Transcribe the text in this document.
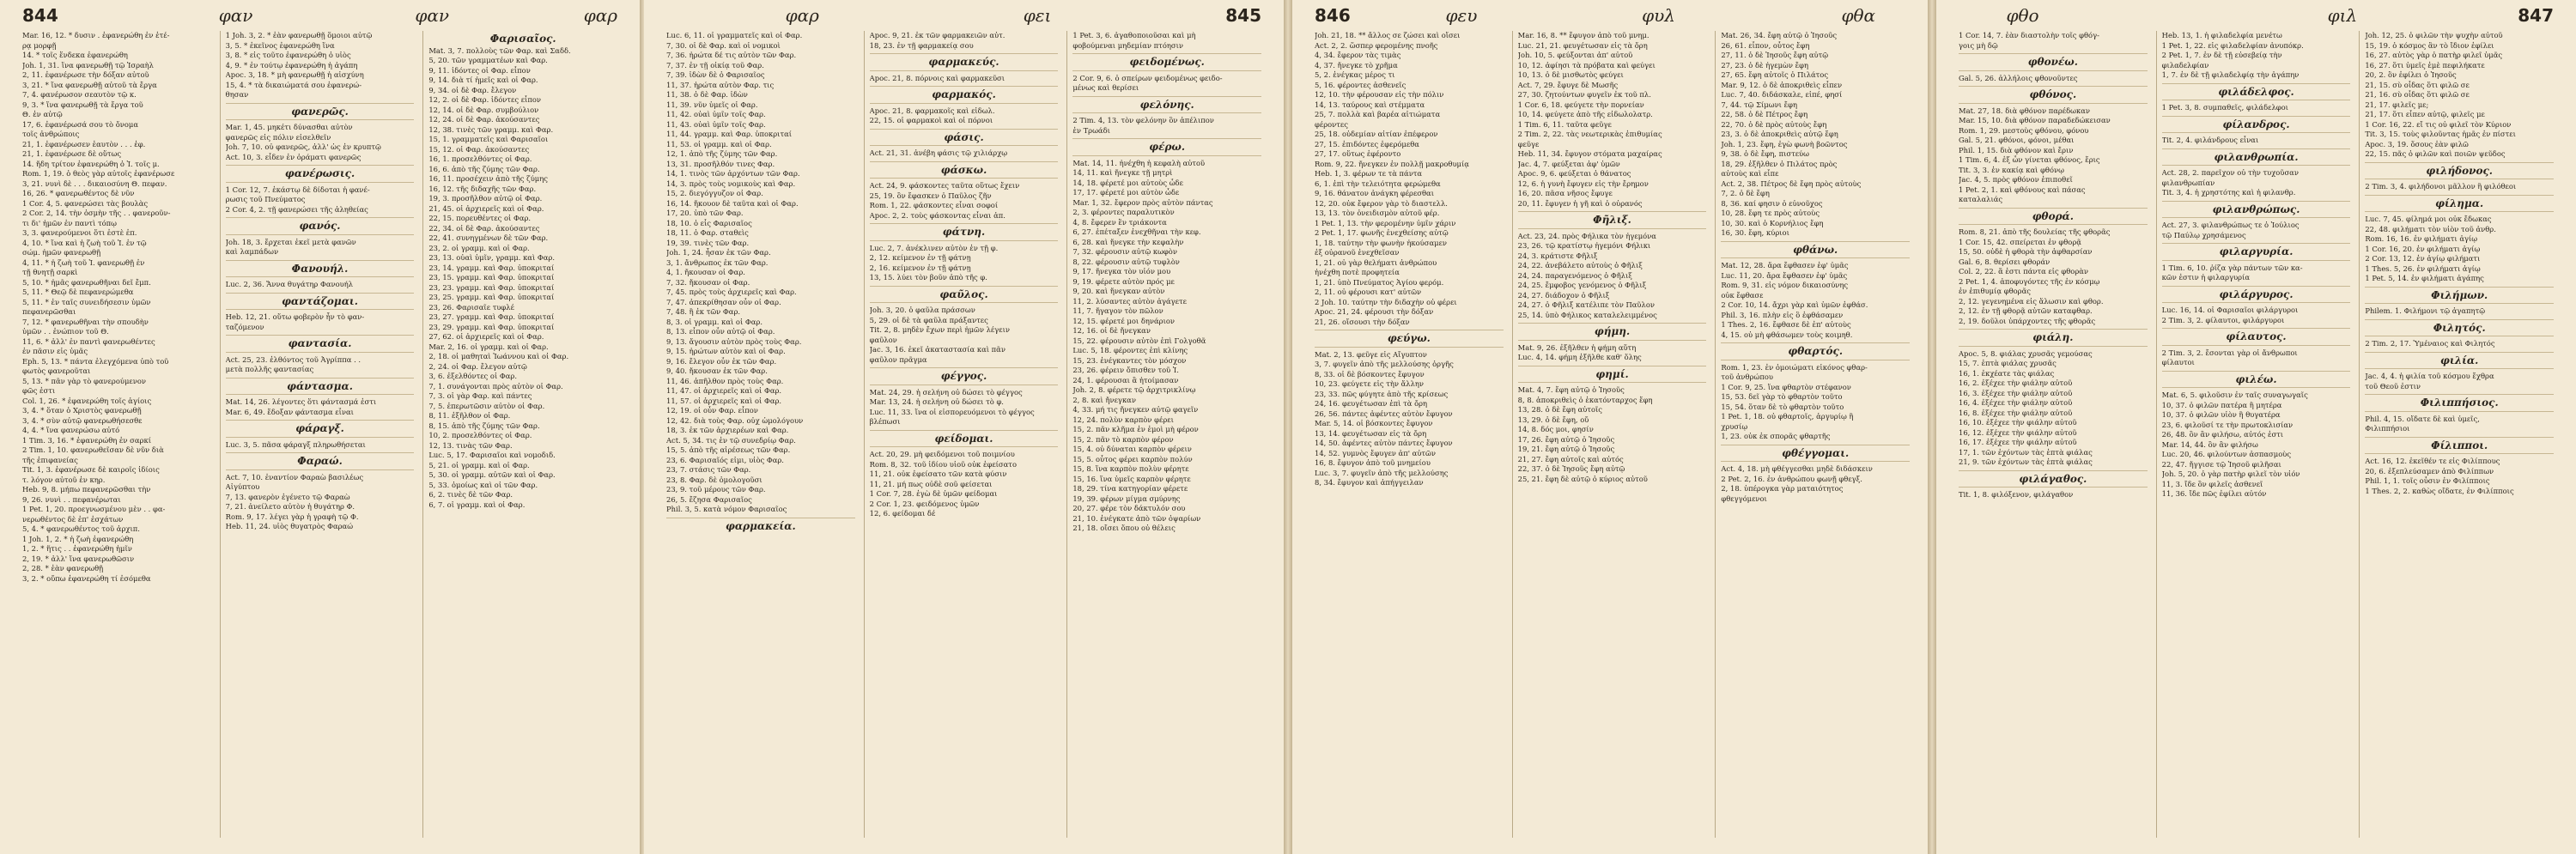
844	φαν	φαν	φαρ

Mar. 16, 12. * δυσιν . ἐφανερώθη ἐν ἑτέ-

ρᾳ μορφῇ

14. * τοῖς ἕνδεκα ἐφανερώθη

Joh. 1, 31. ἵνα φανερωθῇ τῷ Ἰσραὴλ

2, 11. ἐφανέρωσε τὴν δόξαν αὐτοῦ

3, 21. * ἵνα φανερωθῇ αὐτοῦ τὰ ἔργα

7, 4. φανέρωσον σεαυτὸν τῷ κ.

9, 3. * ἵνα φανερωθῇ τὰ ἔργα τοῦ

Θ. ἐν αὐτῷ

17, 6. ἐφανέρωσά σου τὸ ὄνομα

τοῖς ἀνθρώποις

21, 1. ἐφανέρωσεν ἑαυτὸν . . . ἐφ.

21, 1. ἐφανέρωσε δὲ οὕτως

14. ἤδη τρίτον ἐφανερώθη ὁ Ἰ. τοῖς μ.

Rom. 1, 19. ὁ θεὸς γὰρ αὐτοῖς ἐφανέρωσε

3, 21. νυνὶ δὲ . . . δικαιοσύνη Θ. πεφαν.

16, 26. * φανερωθέντος δὲ νῦν

1 Cor. 4, 5. φανερώσει τὰς βουλὰς

2 Cor. 2, 14. τὴν ὀσμὴν τῆς . . φανεροῦν-

τι δι' ἡμῶν ἐν παντὶ τόπῳ

3, 3. φανερούμενοι ὅτι ἐστὲ ἐπ.

4, 10. * ἵνα καὶ ἡ ζωὴ τοῦ Ἰ. ἐν τῷ

σώμ. ἡμῶν φανερωθῇ

4, 11. * ἡ ζωὴ τοῦ Ἰ. φανερωθῇ ἐν

τῇ θνητῇ σαρκὶ

5, 10. * ἡμᾶς φανερωθῆναι δεῖ ἔμπ.

5, 11. * Θεῷ δὲ πεφανερώμεθα

5, 11. * ἐν ταῖς συνειδήσεσιν ὑμῶν

πεφανερῶσθαι

7, 12. * φανερωθῆναι τὴν σπουδὴν

ὑμῶν . . ἐνώπιον τοῦ Θ.

11, 6. * ἀλλ' ἐν παντὶ φανερωθέντες

ἐν πᾶσιν εἰς ὑμᾶς

Eph. 5, 13. * πάντα ἐλεγχόμενα ὑπὸ τοῦ

φωτὸς φανεροῦται

5, 13. * πᾶν γὰρ τὸ φανερούμενον

φῶς ἐστι

Col. 1, 26. * ἐφανερώθη τοῖς ἁγίοις

3, 4. * ὅταν ὁ Χριστὸς φανερωθῇ

3, 4. * σὺν αὐτῷ φανερωθήσεσθε

4, 4. * ἵνα φανερώσω αὐτό

1 Tim. 3, 16. * ἐφανερώθη ἐν σαρκί

2 Tim. 1, 10. φανερωθεῖσαν δὲ νῦν διὰ

τῆς ἐπιφανείας

Tit. 1, 3. ἐφανέρωσε δὲ καιροῖς ἰδίοις

τ. λόγον αὐτοῦ ἐν κηρ.

Heb. 9, 8. μήπω πεφανερῶσθαι τὴν

9, 26. νυνὶ . . πεφανέρωται

1 Pet. 1, 20. προεγνωσμένου μὲν . . φα-

νερωθέντος δὲ ἐπ' ἐσχάτων

5, 4. * φανερωθέντος τοῦ ἀρχιπ.

1 Joh. 1, 2. * ἡ ζωὴ ἐφανερώθη

1, 2. * ἥτις . . ἐφανερώθη ἡμῖν

2, 19. * ἀλλ' ἵνα φανερωθῶσιν

2, 28. * ἐὰν φανερωθῇ

3, 2. * οὔπω ἐφανερώθη τί ἐσόμεθα

1 Joh. 3, 2. * ἐὰν φανερωθῇ ὅμοιοι αὐτῷ

3, 5. * ἐκεῖνος ἐφανερώθη ἵνα

3, 8. * εἰς τοῦτο ἐφανερώθη ὁ υἱὸς

4, 9. * ἐν τούτῳ ἐφανερώθη ἡ ἀγάπη

Apoc. 3, 18. * μὴ φανερωθῇ ἡ αἰσχύνη

15, 4. * τὰ δικαιώματά σου ἐφανερώ-

θησαν

φανερῶς.

Mar. 1, 45. μηκέτι δύνασθαι αὐτὸν

φανερῶς εἰς πόλιν εἰσελθεῖν

Joh. 7, 10. οὐ φανερῶς, ἀλλ' ὡς ἐν κρυπτῷ

Act. 10, 3. εἶδεν ἐν ὁράματι φανερῶς

φανέρωσις.

1 Cor. 12, 7. ἑκάστῳ δὲ δίδοται ἡ φανέ-

ρωσις τοῦ Πνεύματος

2 Cor. 4, 2. τῇ φανερώσει τῆς ἀληθείας

φανός.

Joh. 18, 3. ἔρχεται ἐκεῖ μετὰ φανῶν

καὶ λαμπάδων

Φανουήλ.

Luc. 2, 36. Ἄννα θυγάτηρ Φανουήλ

φαντάζομαι.

Heb. 12, 21. οὕτω φοβερὸν ἦν τὸ φαν-

ταζόμενον

φαντασία.

Act. 25, 23. ἐλθόντος τοῦ Ἀγρίππα . .

μετὰ πολλῆς φαντασίας

φάντασμα.

Mat. 14, 26. λέγοντες ὅτι φάντασμά ἐστι

Mar. 6, 49. ἔδοξαν φάντασμα εἶναι

φάραγξ.

Luc. 3, 5. πᾶσα φάραγξ πληρωθήσεται

Φαραώ.

Act. 7, 10. ἐναντίον Φαραὼ βασιλέως

Αἰγύπτου

7, 13. φανερὸν ἐγένετο τῷ Φαραὼ

7, 21. ἀνείλετο αὐτὸν ἡ θυγάτηρ Φ.

Rom. 9, 17. λέγει γὰρ ἡ γραφὴ τῷ Φ.

Heb. 11, 24. υἱὸς θυγατρὸς Φαραώ

Φαρισαῖος.

Mat. 3, 7. πολλοὺς τῶν Φαρ. καὶ Σαδδ.

5, 20. τῶν γραμματέων καὶ Φαρ.

9, 11. ἰδόντες οἱ Φαρ. εἶπον

9, 14. διὰ τί ἡμεῖς καὶ οἱ Φαρ.

9, 34. οἱ δὲ Φαρ. ἔλεγον

12, 2. οἱ δὲ Φαρ. ἰδόντες εἶπον

12, 14. οἱ δὲ Φαρ. συμβούλιον

12, 24. οἱ δὲ Φαρ. ἀκούσαντες

12, 38. τινὲς τῶν γραμμ. καὶ Φαρ.

15, 1. γραμματεῖς καὶ Φαρισαῖοι

15, 12. οἱ Φαρ. ἀκούσαντες

16, 1. προσελθόντες οἱ Φαρ.

16, 6. ἀπὸ τῆς ζύμης τῶν Φαρ.

16, 11. προσέχειν ἀπὸ τῆς ζύμης

16, 12. τῆς διδαχῆς τῶν Φαρ.

19, 3. προσῆλθον αὐτῷ οἱ Φαρ.

21, 45. οἱ ἀρχιερεῖς καὶ οἱ Φαρ.

22, 15. πορευθέντες οἱ Φαρ.

22, 34. οἱ δὲ Φαρ. ἀκούσαντες

22, 41. συνηγμένων δὲ τῶν Φαρ.

23, 2. οἱ γραμμ. καὶ οἱ Φαρ.

23, 13. οὐαὶ ὑμῖν, γραμμ. καὶ Φαρ.

23, 14. γραμμ. καὶ Φαρ. ὑποκριταί

23, 15. γραμμ. καὶ Φαρ. ὑποκριταί

23, 23. γραμμ. καὶ Φαρ. ὑποκριταί

23, 25. γραμμ. καὶ Φαρ. ὑποκριταί

23, 26. Φαρισαῖε τυφλέ

23, 27. γραμμ. καὶ Φαρ. ὑποκριταί

23, 29. γραμμ. καὶ Φαρ. ὑποκριταί

27, 62. οἱ ἀρχιερεῖς καὶ οἱ Φαρ.

Mar. 2, 16. οἱ γραμμ. καὶ οἱ Φαρ.

2, 18. οἱ μαθηταὶ Ἰωάννου καὶ οἱ Φαρ.

2, 24. οἱ Φαρ. ἔλεγον αὐτῷ

3, 6. ἐξελθόντες οἱ Φαρ.

7, 1. συνάγονται πρὸς αὐτὸν οἱ Φαρ.

7, 3. οἱ γὰρ Φαρ. καὶ πάντες

7, 5. ἐπερωτῶσιν αὐτὸν οἱ Φαρ.

8, 11. ἐξῆλθον οἱ Φαρ.

8, 15. ἀπὸ τῆς ζύμης τῶν Φαρ.

10, 2. προσελθόντες οἱ Φαρ.

12, 13. τινὰς τῶν Φαρ.

Luc. 5, 17. Φαρισαῖοι καὶ νομοδιδ.

5, 21. οἱ γραμμ. καὶ οἱ Φαρ.

5, 30. οἱ γραμμ. αὐτῶν καὶ οἱ Φαρ.

5, 33. ὁμοίως καὶ οἱ τῶν Φαρ.

6, 2. τινὲς δὲ τῶν Φαρ.

6, 7. οἱ γραμμ. καὶ οἱ Φαρ.

φαρ	φει	845

Luc. 6, 11. οἱ γραμματεῖς καὶ οἱ Φαρ.

7, 30. οἱ δὲ Φαρ. καὶ οἱ νομικοὶ

7, 36. ἠρώτα δέ τις αὐτὸν τῶν Φαρ.

7, 37. ἐν τῇ οἰκίᾳ τοῦ Φαρ.

7, 39. ἰδὼν δὲ ὁ Φαρισαῖος

11, 37. ἠρώτα αὐτὸν Φαρ. τις

11, 38. ὁ δὲ Φαρ. ἰδὼν

11, 39. νῦν ὑμεῖς οἱ Φαρ.

11, 42. οὐαὶ ὑμῖν τοῖς Φαρ.

11, 43. οὐαὶ ὑμῖν τοῖς Φαρ.

11, 44. γραμμ. καὶ Φαρ. ὑποκριταί

11, 53. οἱ γραμμ. καὶ οἱ Φαρ.

12, 1. ἀπὸ τῆς ζύμης τῶν Φαρ.

13, 31. προσῆλθόν τινες Φαρ.

14, 1. τινὸς τῶν ἀρχόντων τῶν Φαρ.

14, 3. πρὸς τοὺς νομικοὺς καὶ Φαρ.

15, 2. διεγόγγυζον οἱ Φαρ.

16, 14. ἤκουον δὲ ταῦτα καὶ οἱ Φαρ.

17, 20. ὑπὸ τῶν Φαρ.

18, 10. ὁ εἷς Φαρισαῖος

18, 11. ὁ Φαρ. σταθεὶς

19, 39. τινὲς τῶν Φαρ.

Joh. 1, 24. ἦσαν ἐκ τῶν Φαρ.

3, 1. ἄνθρωπος ἐκ τῶν Φαρ.

4, 1. ἤκουσαν οἱ Φαρ.

7, 32. ἤκουσαν οἱ Φαρ.

7, 45. πρὸς τοὺς ἀρχιερεῖς καὶ Φαρ.

7, 47. ἀπεκρίθησαν οὖν οἱ Φαρ.

7, 48. ἢ ἐκ τῶν Φαρ.

8, 3. οἱ γραμμ. καὶ οἱ Φαρ.

8, 13. εἶπον οὖν αὐτῷ οἱ Φαρ.

9, 13. ἄγουσιν αὐτὸν πρὸς τοὺς Φαρ.

9, 15. ἠρώτων αὐτὸν καὶ οἱ Φαρ.

9, 16. ἔλεγον οὖν ἐκ τῶν Φαρ.

9, 40. ἤκουσαν ἐκ τῶν Φαρ.

11, 46. ἀπῆλθον πρὸς τοὺς Φαρ.

11, 47. οἱ ἀρχιερεῖς καὶ οἱ Φαρ.

11, 57. οἱ ἀρχιερεῖς καὶ οἱ Φαρ.

12, 19. οἱ οὖν Φαρ. εἶπον

12, 42. διὰ τοὺς Φαρ. οὐχ ὡμολόγουν

18, 3. ἐκ τῶν ἀρχιερέων καὶ Φαρ.

Act. 5, 34. τις ἐν τῷ συνεδρίῳ Φαρ.

15, 5. ἀπὸ τῆς αἱρέσεως τῶν Φαρ.

23, 6. Φαρισαῖός εἰμι, υἱὸς Φαρ.

23, 7. στάσις τῶν Φαρ.

23, 8. Φαρ. δὲ ὁμολογοῦσι

23, 9. τοῦ μέρους τῶν Φαρ.

26, 5. ἔζησα Φαρισαῖος

Phil. 3, 5. κατὰ νόμον Φαρισαῖος

φαρμακεία.

Apoc. 9, 21. ἐκ τῶν φαρμακειῶν αὐτ.

18, 23. ἐν τῇ φαρμακείᾳ σου

φαρμακεύς.

Apoc. 21, 8. πόρνοις καὶ φαρμακεῦσι

φαρμακός.

Apoc. 21, 8. φαρμακοῖς καὶ εἰδωλ.

22, 15. οἱ φαρμακοὶ καὶ οἱ πόρνοι

φάσις.

Act. 21, 31. ἀνέβη φάσις τῷ χιλιάρχῳ

φάσκω.

Act. 24, 9. φάσκοντες ταῦτα οὕτως ἔχειν

25, 19. ὃν ἔφασκεν ὁ Παῦλος ζῆν

Rom. 1, 22. φάσκοντες εἶναι σοφοί

Apoc. 2, 2. τοὺς φάσκοντας εἶναι ἀπ.

φάτνη.

Luc. 2, 7. ἀνέκλινεν αὐτὸν ἐν τῇ φ.

2, 12. κείμενον ἐν τῇ φάτνῃ

2, 16. κείμενον ἐν τῇ φάτνῃ

13, 15. λύει τὸν βοῦν ἀπὸ τῆς φ.

φαῦλος.

Joh. 3, 20. ὁ φαῦλα πράσσων

5, 29. οἱ δὲ τὰ φαῦλα πράξαντες

Tit. 2, 8. μηδὲν ἔχων περὶ ἡμῶν λέγειν

φαῦλον

Jac. 3, 16. ἐκεῖ ἀκαταστασία καὶ πᾶν

φαῦλον πρᾶγμα

φέγγος.

Mat. 24, 29. ἡ σελήνη οὐ δώσει τὸ φέγγος

Mar. 13, 24. ἡ σελήνη οὐ δώσει τὸ φ.

Luc. 11, 33. ἵνα οἱ εἰσπορευόμενοι τὸ φέγγος

βλέπωσι

φείδομαι.

Act. 20, 29. μὴ φειδόμενοι τοῦ ποιμνίου

Rom. 8, 32. τοῦ ἰδίου υἱοῦ οὐκ ἐφείσατο

11, 21. οὐκ ἐφείσατο τῶν κατὰ φύσιν

11, 21. μή πως οὐδὲ σοῦ φείσεται

1 Cor. 7, 28. ἐγὼ δὲ ὑμῶν φείδομαι

2 Cor. 1, 23. φειδόμενος ὑμῶν

12, 6. φείδομαι δέ

1 Pet. 3, 6. ἀγαθοποιοῦσαι καὶ μὴ

φοβούμεναι μηδεμίαν πτόησιν

φειδομένως.

2 Cor. 9, 6. ὁ σπείρων φειδομένως φειδο-

μένως καὶ θερίσει

φελόνης.

2 Tim. 4, 13. τὸν φελόνην ὃν ἀπέλιπον

ἐν Τρωάδι

φέρω.

Mat. 14, 11. ἠνέχθη ἡ κεφαλὴ αὐτοῦ

14, 11. καὶ ἤνεγκε τῇ μητρὶ

14, 18. φέρετέ μοι αὐτοὺς ὧδε

17, 17. φέρετέ μοι αὐτὸν ὧδε

Mar. 1, 32. ἔφερον πρὸς αὐτὸν πάντας

2, 3. φέροντες παραλυτικὸν

4, 8. ἔφερεν ἓν τριάκοντα

6, 27. ἐπέταξεν ἐνεχθῆναι τὴν κεφ.

6, 28. καὶ ἤνεγκε τὴν κεφαλὴν

7, 32. φέρουσιν αὐτῷ κωφὸν

8, 22. φέρουσιν αὐτῷ τυφλὸν

9, 17. ἤνεγκα τὸν υἱόν μου

9, 19. φέρετε αὐτὸν πρός με

9, 20. καὶ ἤνεγκαν αὐτὸν

11, 2. λύσαντες αὐτὸν ἀγάγετε

11, 7. ἤγαγον τὸν πῶλον

12, 15. φέρετέ μοι δηνάριον

12, 16. οἱ δὲ ἤνεγκαν

15, 22. φέρουσιν αὐτὸν ἐπὶ Γολγοθᾶ

Luc. 5, 18. φέροντες ἐπὶ κλίνης

15, 23. ἐνέγκαντες τὸν μόσχον

23, 26. φέρειν ὄπισθεν τοῦ Ἰ.

24, 1. φέρουσαι ἃ ἡτοίμασαν

Joh. 2, 8. φέρετε τῷ ἀρχιτρικλίνῳ

2, 8. καὶ ἤνεγκαν

4, 33. μή τις ἤνεγκεν αὐτῷ φαγεῖν

12, 24. πολὺν καρπὸν φέρει

15, 2. πᾶν κλῆμα ἐν ἐμοὶ μὴ φέρον

15, 2. πᾶν τὸ καρπὸν φέρον

15, 4. οὐ δύναται καρπὸν φέρειν

15, 5. οὗτος φέρει καρπὸν πολύν

15, 8. ἵνα καρπὸν πολὺν φέρητε

15, 16. ἵνα ὑμεῖς καρπὸν φέρητε

18, 29. τίνα κατηγορίαν φέρετε

19, 39. φέρων μίγμα σμύρνης

20, 27. φέρε τὸν δάκτυλόν σου

21, 10. ἐνέγκατε ἀπὸ τῶν ὀψαρίων

21, 18. οἴσει ὅπου οὐ θέλεις

846	φευ	φυλ	φθα

Joh. 21, 18. ** ἄλλος σε ζώσει καὶ οἴσει

Act. 2, 2. ὥσπερ φερομένης πνοῆς

4, 34. ἔφερον τὰς τιμὰς

4, 37. ἤνεγκε τὸ χρῆμα

5, 2. ἐνέγκας μέρος τι

5, 16. φέροντες ἀσθενεῖς

12, 10. τὴν φέρουσαν εἰς τὴν πόλιν

14, 13. ταύρους καὶ στέμματα

25, 7. πολλὰ καὶ βαρέα αἰτιώματα

φέροντες

25, 18. οὐδεμίαν αἰτίαν ἐπέφερον

27, 15. ἐπιδόντες ἐφερόμεθα

27, 17. οὕτως ἐφέροντο

Rom. 9, 22. ἤνεγκεν ἐν πολλῇ μακροθυμίᾳ

Heb. 1, 3. φέρων τε τὰ πάντα

6, 1. ἐπὶ τὴν τελειότητα φερώμεθα

9, 16. θάνατον ἀνάγκη φέρεσθαι

12, 20. οὐκ ἔφερον γὰρ τὸ διαστελλ.

13, 13. τὸν ὀνειδισμὸν αὐτοῦ φέρ.

1 Pet. 1, 13. τὴν φερομένην ὑμῖν χάριν

2 Pet. 1, 17. φωνῆς ἐνεχθείσης αὐτῷ

1, 18. ταύτην τὴν φωνὴν ἠκούσαμεν

ἐξ οὐρανοῦ ἐνεχθεῖσαν

1, 21. οὐ γὰρ θελήματι ἀνθρώπου

ἠνέχθη ποτὲ προφητεία

1, 21. ὑπὸ Πνεύματος Ἁγίου φερόμ.

2, 11. οὐ φέρουσι κατ' αὐτῶν

2 Joh. 10. ταύτην τὴν διδαχὴν οὐ φέρει

Apoc. 21, 24. φέρουσι τὴν δόξαν

21, 26. οἴσουσι τὴν δόξαν

φεύγω.

Mat. 2, 13. φεῦγε εἰς Αἴγυπτον

3, 7. φυγεῖν ἀπὸ τῆς μελλούσης ὀργῆς

8, 33. οἱ δὲ βόσκοντες ἔφυγον

10, 23. φεύγετε εἰς τὴν ἄλλην

23, 33. πῶς φύγητε ἀπὸ τῆς κρίσεως

24, 16. φευγέτωσαν ἐπὶ τὰ ὄρη

26, 56. πάντες ἀφέντες αὐτὸν ἔφυγον

Mar. 5, 14. οἱ βόσκοντες ἔφυγον

13, 14. φευγέτωσαν εἰς τὰ ὄρη

14, 50. ἀφέντες αὐτὸν πάντες ἔφυγον

14, 52. γυμνὸς ἔφυγεν ἀπ' αὐτῶν

16, 8. ἔφυγον ἀπὸ τοῦ μνημείου

Luc. 3, 7. φυγεῖν ἀπὸ τῆς μελλούσης

8, 34. ἔφυγον καὶ ἀπήγγειλαν

Mar. 16, 8. ** ἔφυγον ἀπὸ τοῦ μνημ.

Luc. 21, 21. φευγέτωσαν εἰς τὰ ὄρη

Joh. 10, 5. φεύξονται ἀπ' αὐτοῦ

10, 12. ἀφίησι τὰ πρόβατα καὶ φεύγει

10, 13. ὁ δὲ μισθωτὸς φεύγει

Act. 7, 29. ἔφυγε δὲ Μωσῆς

27, 30. ζητούντων φυγεῖν ἐκ τοῦ πλ.

1 Cor. 6, 18. φεύγετε τὴν πορνείαν

10, 14. φεύγετε ἀπὸ τῆς εἰδωλολατρ.

1 Tim. 6, 11. ταῦτα φεῦγε

2 Tim. 2, 22. τὰς νεωτερικὰς ἐπιθυμίας

φεῦγε

Heb. 11, 34. ἔφυγον στόματα μαχαίρας

Jac. 4, 7. φεύξεται ἀφ' ὑμῶν

Apoc. 9, 6. φεύξεται ὁ θάνατος

12, 6. ἡ γυνὴ ἔφυγεν εἰς τὴν ἔρημον

16, 20. πᾶσα νῆσος ἔφυγε

20, 11. ἔφυγεν ἡ γῆ καὶ ὁ οὐρανός

Φῆλιξ.

Act. 23, 24. πρὸς Φήλικα τὸν ἡγεμόνα

23, 26. τῷ κρατίστῳ ἡγεμόνι Φήλικι

24, 3. κράτιστε Φῆλιξ

24, 22. ἀνεβάλετο αὐτοὺς ὁ Φῆλιξ

24, 24. παραγενόμενος ὁ Φῆλιξ

24, 25. ἔμφοβος γενόμενος ὁ Φῆλιξ

24, 27. διάδοχον ὁ Φῆλιξ

24, 27. ὁ Φῆλιξ κατέλιπε τὸν Παῦλον

25, 14. ὑπὸ Φήλικος καταλελειμμένος

φήμη.

Mat. 9, 26. ἐξῆλθεν ἡ φήμη αὕτη

Luc. 4, 14. φήμη ἐξῆλθε καθ' ὅλης

φημί.

Mat. 4, 7. ἔφη αὐτῷ ὁ Ἰησοῦς

8, 8. ἀποκριθεὶς ὁ ἑκατόνταρχος ἔφη

13, 28. ὁ δὲ ἔφη αὐτοῖς

13, 29. ὁ δὲ ἔφη, οὔ

14, 8. δός μοι, φησίν

17, 26. ἔφη αὐτῷ ὁ Ἰησοῦς

19, 21. ἔφη αὐτῷ ὁ Ἰησοῦς

21, 27. ἔφη αὐτοῖς καὶ αὐτός

22, 37. ὁ δὲ Ἰησοῦς ἔφη αὐτῷ

25, 21. ἔφη δὲ αὐτῷ ὁ κύριος αὐτοῦ

Mat. 26, 34. ἔφη αὐτῷ ὁ Ἰησοῦς

26, 61. εἶπον, οὗτος ἔφη

27, 11. ὁ δὲ Ἰησοῦς ἔφη αὐτῷ

27, 23. ὁ δὲ ἡγεμὼν ἔφη

27, 65. ἔφη αὐτοῖς ὁ Πιλάτος

Mar. 9, 12. ὁ δὲ ἀποκριθεὶς εἶπεν

Luc. 7, 40. διδάσκαλε, εἰπέ, φησί

7, 44. τῷ Σίμωνι ἔφη

22, 58. ὁ δὲ Πέτρος ἔφη

22, 70. ὁ δὲ πρὸς αὐτοὺς ἔφη

23, 3. ὁ δὲ ἀποκριθεὶς αὐτῷ ἔφη

Joh. 1, 23. ἔφη, ἐγὼ φωνὴ βοῶντος

9, 38. ὁ δὲ ἔφη, πιστεύω

18, 29. ἐξῆλθεν ὁ Πιλάτος πρὸς

αὐτοὺς καὶ εἶπε

Act. 2, 38. Πέτρος δὲ ἔφη πρὸς αὐτοὺς

7, 2. ὁ δὲ ἔφη

8, 36. καί φησιν ὁ εὐνοῦχος

10, 28. ἔφη τε πρὸς αὐτοὺς

10, 30. καὶ ὁ Κορνήλιος ἔφη

16, 30. ἔφη, κύριοι

φθάνω.

Mat. 12, 28. ἄρα ἔφθασεν ἐφ' ὑμᾶς

Luc. 11, 20. ἄρα ἔφθασεν ἐφ' ὑμᾶς

Rom. 9, 31. εἰς νόμον δικαιοσύνης

οὐκ ἔφθασε

2 Cor. 10, 14. ἄχρι γὰρ καὶ ὑμῶν ἐφθάσ.

Phil. 3, 16. πλὴν εἰς ὃ ἐφθάσαμεν

1 Thes. 2, 16. ἔφθασε δὲ ἐπ' αὐτοὺς

4, 15. οὐ μὴ φθάσωμεν τοὺς κοιμηθ.

φθαρτός.

Rom. 1, 23. ἐν ὁμοιώματι εἰκόνος φθαρ-

τοῦ ἀνθρώπου

1 Cor. 9, 25. ἵνα φθαρτὸν στέφανον

15, 53. δεῖ γὰρ τὸ φθαρτὸν τοῦτο

15, 54. ὅταν δὲ τὸ φθαρτὸν τοῦτο

1 Pet. 1, 18. οὐ φθαρτοῖς, ἀργυρίῳ ἢ

χρυσίῳ

1, 23. οὐκ ἐκ σπορᾶς φθαρτῆς

φθέγγομαι.

Act. 4, 18. μὴ φθέγγεσθαι μηδὲ διδάσκειν

2 Pet. 2, 16. ἐν ἀνθρώπου φωνῇ φθεγξ.

2, 18. ὑπέρογκα γὰρ ματαιότητος

φθεγγόμενοι

φθο	φιλ	847

1 Cor. 14, 7. ἐὰν διαστολὴν τοῖς φθόγ-

γοις μὴ δῷ

φθονέω.

Gal. 5, 26. ἀλλήλοις φθονοῦντες

φθόνος.

Mat. 27, 18. διὰ φθόνον παρέδωκαν

Mar. 15, 10. διὰ φθόνον παραδεδώκεισαν

Rom. 1, 29. μεστοὺς φθόνου, φόνου

Gal. 5, 21. φθόνοι, φόνοι, μέθαι

Phil. 1, 15. διὰ φθόνον καὶ ἔριν

1 Tim. 6, 4. ἐξ ὧν γίνεται φθόνος, ἔρις

Tit. 3, 3. ἐν κακίᾳ καὶ φθόνῳ

Jac. 4, 5. πρὸς φθόνον ἐπιποθεῖ

1 Pet. 2, 1. καὶ φθόνους καὶ πάσας

καταλαλιάς

φθορά.

Rom. 8, 21. ἀπὸ τῆς δουλείας τῆς φθορᾶς

1 Cor. 15, 42. σπείρεται ἐν φθορᾷ

15, 50. οὐδὲ ἡ φθορὰ τὴν ἀφθαρσίαν

Gal. 6, 8. θερίσει φθοράν

Col. 2, 22. ἅ ἐστι πάντα εἰς φθορὰν

2 Pet. 1, 4. ἀποφυγόντες τῆς ἐν κόσμῳ

ἐν ἐπιθυμίᾳ φθορᾶς

2, 12. γεγενημένα εἰς ἅλωσιν καὶ φθορ.

2, 12. ἐν τῇ φθορᾷ αὐτῶν καταφθαρ.

2, 19. δοῦλοι ὑπάρχοντες τῆς φθορᾶς

φιάλη.

Apoc. 5, 8. φιάλας χρυσᾶς γεμούσας

15, 7. ἑπτὰ φιάλας χρυσᾶς

16, 1. ἐκχέατε τὰς φιάλας

16, 2. ἐξέχεε τὴν φιάλην αὐτοῦ

16, 3. ἐξέχεε τὴν φιάλην αὐτοῦ

16, 4. ἐξέχεε τὴν φιάλην αὐτοῦ

16, 8. ἐξέχεε τὴν φιάλην αὐτοῦ

16, 10. ἐξέχεε τὴν φιάλην αὐτοῦ

16, 12. ἐξέχεε τὴν φιάλην αὐτοῦ

16, 17. ἐξέχεε τὴν φιάλην αὐτοῦ

17, 1. τῶν ἐχόντων τὰς ἑπτὰ φιάλας

21, 9. τῶν ἐχόντων τὰς ἑπτὰ φιάλας

φιλάγαθος.

Tit. 1, 8. φιλόξενον, φιλάγαθον

Heb. 13, 1. ἡ φιλαδελφία μενέτω

1 Pet. 1, 22. εἰς φιλαδελφίαν ἀνυπόκρ.

2 Pet. 1, 7. ἐν δὲ τῇ εὐσεβείᾳ τὴν

φιλαδελφίαν

1, 7. ἐν δὲ τῇ φιλαδελφίᾳ τὴν ἀγάπην

φιλάδελφος.

1 Pet. 3, 8. συμπαθεῖς, φιλάδελφοι

φίλανδρος.

Tit. 2, 4. φιλάνδρους εἶναι

φιλανθρωπία.

Act. 28, 2. παρεῖχον οὐ τὴν τυχοῦσαν

φιλανθρωπίαν

Tit. 3, 4. ἡ χρηστότης καὶ ἡ φιλανθρ.

φιλανθρώπως.

Act. 27, 3. φιλανθρώπως τε ὁ Ἰούλιος

τῷ Παύλῳ χρησάμενος

φιλαργυρία.

1 Tim. 6, 10. ῥίζα γὰρ πάντων τῶν κα-

κῶν ἐστιν ἡ φιλαργυρία

φιλάργυρος.

Luc. 16, 14. οἱ Φαρισαῖοι φιλάργυροι

2 Tim. 3, 2. φίλαυτοι, φιλάργυροι

φίλαυτος.

2 Tim. 3, 2. ἔσονται γὰρ οἱ ἄνθρωποι

φίλαυτοι

φιλέω.

Mat. 6, 5. φιλοῦσιν ἐν ταῖς συναγωγαῖς

10, 37. ὁ φιλῶν πατέρα ἢ μητέρα

10, 37. ὁ φιλῶν υἱὸν ἢ θυγατέρα

23, 6. φιλοῦσί τε τὴν πρωτοκλισίαν

26, 48. ὃν ἂν φιλήσω, αὐτός ἐστι

Mar. 14, 44. ὃν ἂν φιλήσω

Luc. 20, 46. φιλούντων ἀσπασμοὺς

22, 47. ἤγγισε τῷ Ἰησοῦ φιλῆσαι

Joh. 5, 20. ὁ γὰρ πατὴρ φιλεῖ τὸν υἱόν

11, 3. ἴδε ὃν φιλεῖς ἀσθενεῖ

11, 36. ἴδε πῶς ἐφίλει αὐτόν

Joh. 12, 25. ὁ φιλῶν τὴν ψυχὴν αὐτοῦ

15, 19. ὁ κόσμος ἂν τὸ ἴδιον ἐφίλει

16, 27. αὐτὸς γὰρ ὁ πατὴρ φιλεῖ ὑμᾶς

16, 27. ὅτι ὑμεῖς ἐμὲ πεφιλήκατε

20, 2. ὃν ἐφίλει ὁ Ἰησοῦς

21, 15. σὺ οἶδας ὅτι φιλῶ σε

21, 16. σὺ οἶδας ὅτι φιλῶ σε

21, 17. φιλεῖς με;

21, 17. ὅτι εἶπεν αὐτῷ, φιλεῖς με

1 Cor. 16, 22. εἴ τις οὐ φιλεῖ τὸν Κύριον

Tit. 3, 15. τοὺς φιλοῦντας ἡμᾶς ἐν πίστει

Apoc. 3, 19. ὅσους ἐὰν φιλῶ

22, 15. πᾶς ὁ φιλῶν καὶ ποιῶν ψεῦδος

φιλήδονος.

2 Tim. 3, 4. φιλήδονοι μᾶλλον ἢ φιλόθεοι

φίλημα.

Luc. 7, 45. φίλημά μοι οὐκ ἔδωκας

22, 48. φιλήματι τὸν υἱὸν τοῦ ἀνθρ.

Rom. 16, 16. ἐν φιλήματι ἁγίῳ

1 Cor. 16, 20. ἐν φιλήματι ἁγίῳ

2 Cor. 13, 12. ἐν ἁγίῳ φιλήματι

1 Thes. 5, 26. ἐν φιλήματι ἁγίῳ

1 Pet. 5, 14. ἐν φιλήματι ἀγάπης

Φιλήμων.

Philem. 1. Φιλήμονι τῷ ἀγαπητῷ

Φιλητός.

2 Tim. 2, 17. Ὑμέναιος καὶ Φιλητός

φιλία.

Jac. 4, 4. ἡ φιλία τοῦ κόσμου ἔχθρα

τοῦ Θεοῦ ἐστιν

Φιλιππήσιος.

Phil. 4, 15. οἴδατε δὲ καὶ ὑμεῖς,

Φιλιππήσιοι

Φίλιπποι.

Act. 16, 12. ἐκεῖθέν τε εἰς Φιλίππους

20, 6. ἐξεπλεύσαμεν ἀπὸ Φιλίππων

Phil. 1, 1. τοῖς οὖσιν ἐν Φιλίπποις

1 Thes. 2, 2. καθὼς οἴδατε, ἐν Φιλίπποις
